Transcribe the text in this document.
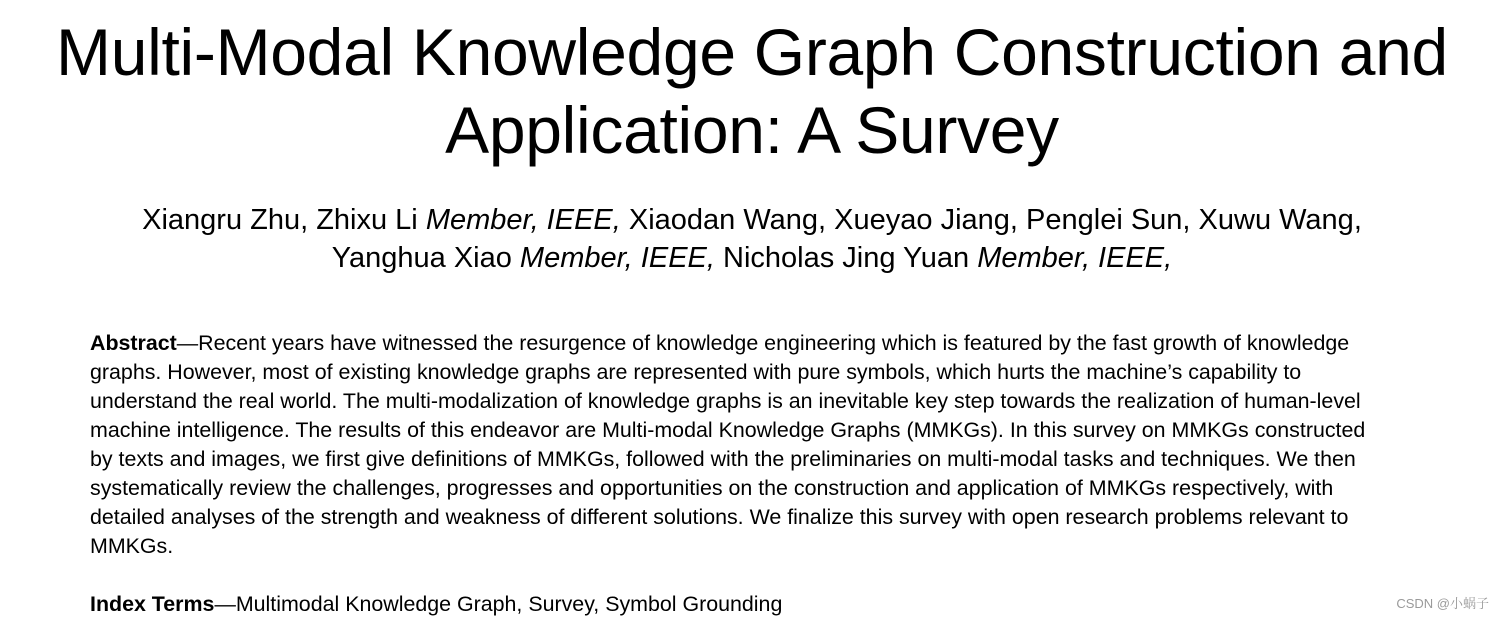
Multi-Modal Knowledge Graph Construction and
Application: A Survey
Xiangru Zhu, Zhixu Li Member, IEEE, Xiaodan Wang, Xueyao Jiang, Penglei Sun, Xuwu Wang,
Yanghua Xiao Member, IEEE, Nicholas Jing Yuan Member, IEEE,
Abstract—Recent years have witnessed the resurgence of knowledge engineering which is featured by the fast growth of knowledge
graphs. However, most of existing knowledge graphs are represented with pure symbols, which hurts the machine’s capability to
understand the real world. The multi-modalization of knowledge graphs is an inevitable key step towards the realization of human-level
machine intelligence. The results of this endeavor are Multi-modal Knowledge Graphs (MMKGs). In this survey on MMKGs constructed
by texts and images, we first give definitions of MMKGs, followed with the preliminaries on multi-modal tasks and techniques. We then
systematically review the challenges, progresses and opportunities on the construction and application of MMKGs respectively, with
detailed analyses of the strength and weakness of different solutions. We finalize this survey with open research problems relevant to
MMKGs.
Index Terms—Multimodal Knowledge Graph, Survey, Symbol Grounding	CSDN @小蜗子
